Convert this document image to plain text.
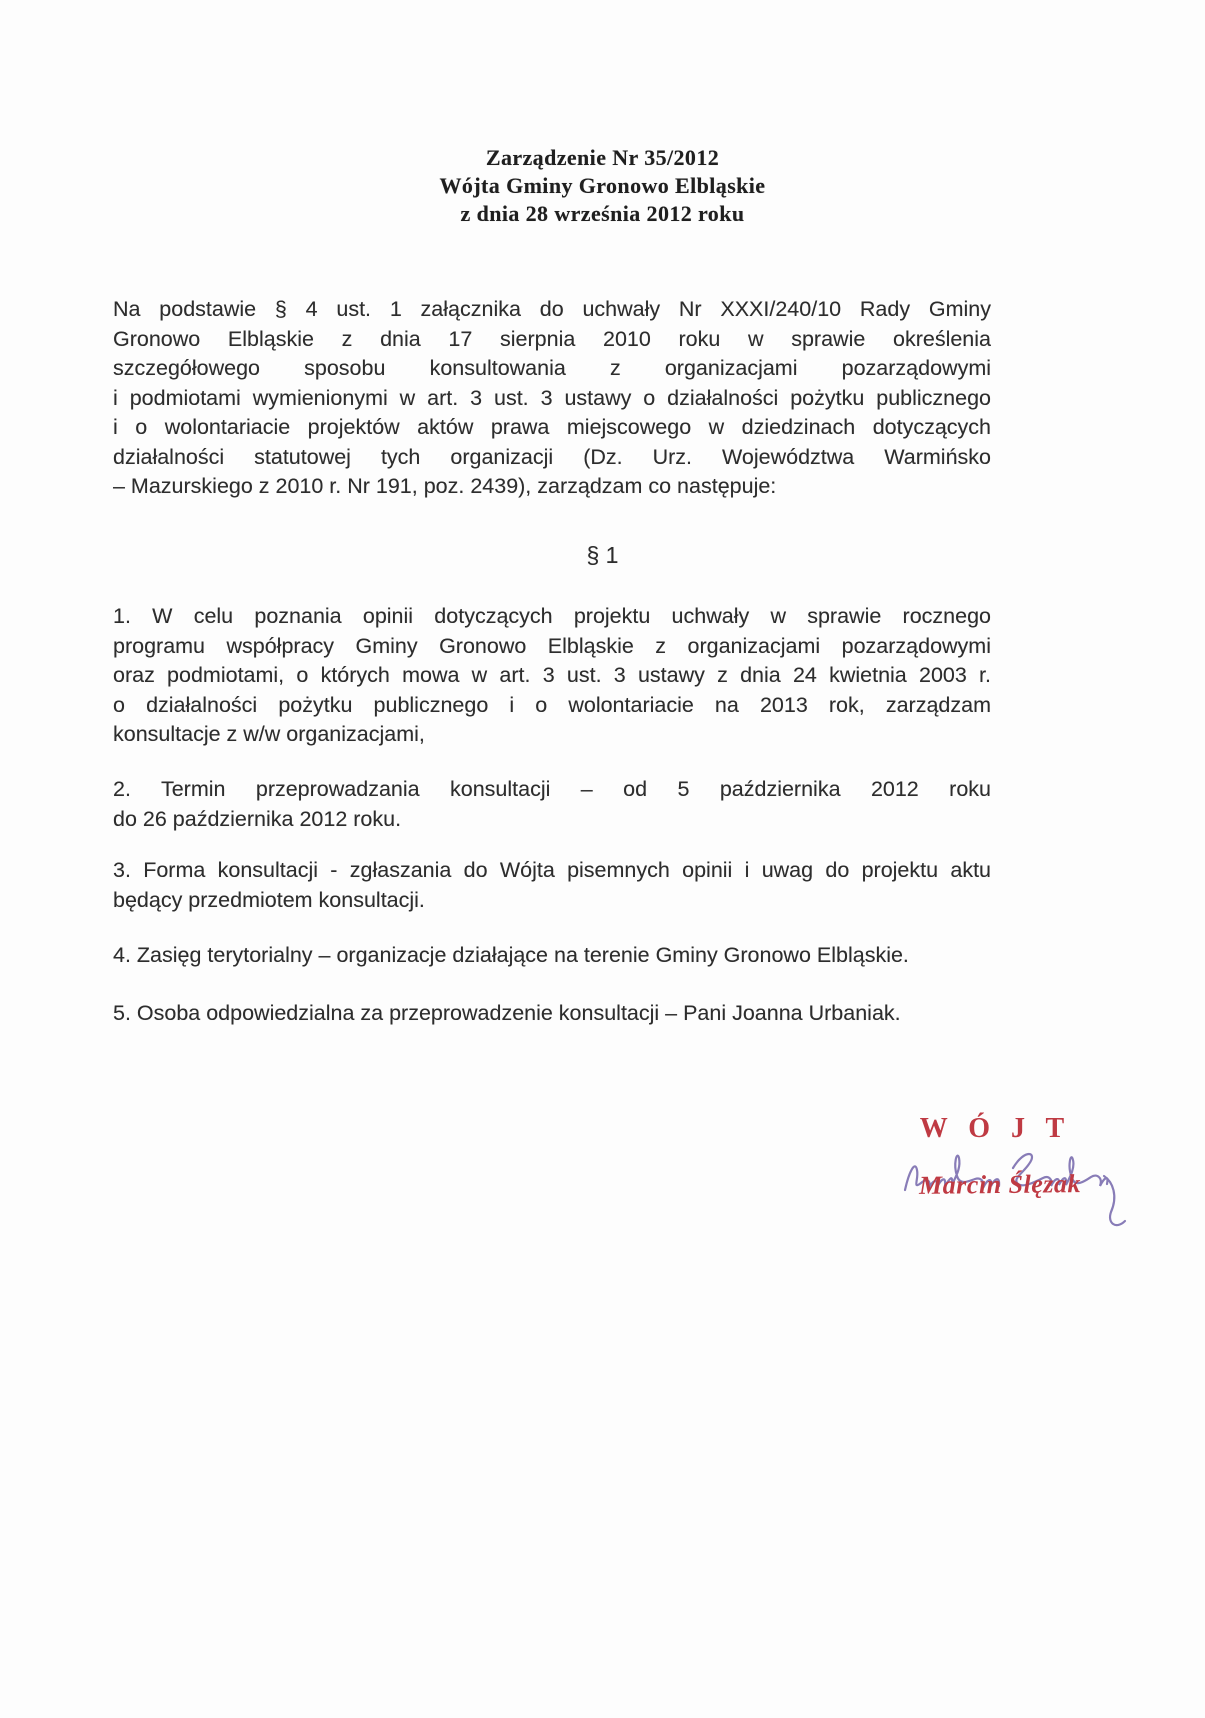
Zarządzenie Nr 35/2012
Wójta Gminy Gronowo Elbląskie
z dnia 28 września 2012 roku
Na podstawie § 4 ust. 1 załącznika do uchwały Nr XXXI/240/10 Rady Gminy
Gronowo Elbląskie z dnia 17 sierpnia 2010 roku w sprawie określenia
szczegółowego sposobu konsultowania z organizacjami pozarządowymi
i podmiotami wymienionymi w art. 3 ust. 3 ustawy o działalności pożytku publicznego
i o wolontariacie projektów aktów prawa miejscowego w dziedzinach dotyczących
działalności statutowej tych organizacji (Dz. Urz. Województwa Warmińsko
– Mazurskiego z 2010 r. Nr 191, poz. 2439), zarządzam co następuje:
§ 1
1. W celu poznania opinii dotyczących projektu uchwały w sprawie rocznego
programu współpracy Gminy Gronowo Elbląskie z organizacjami pozarządowymi
oraz podmiotami, o których mowa w art. 3 ust. 3 ustawy z dnia 24 kwietnia 2003 r.
o działalności pożytku publicznego i o wolontariacie na 2013 rok, zarządzam
konsultacje z w/w organizacjami,
2. Termin przeprowadzania konsultacji – od 5 października 2012 roku
do 26 października 2012 roku.
3. Forma konsultacji - zgłaszania do Wójta pisemnych opinii i uwag do projektu aktu
będący przedmiotem konsultacji.
4. Zasięg terytorialny – organizacje działające na terenie Gminy Gronowo Elbląskie.
5. Osoba odpowiedzialna za przeprowadzenie konsultacji – Pani Joanna Urbaniak.
W Ó J T
Marcin Ślęzak
